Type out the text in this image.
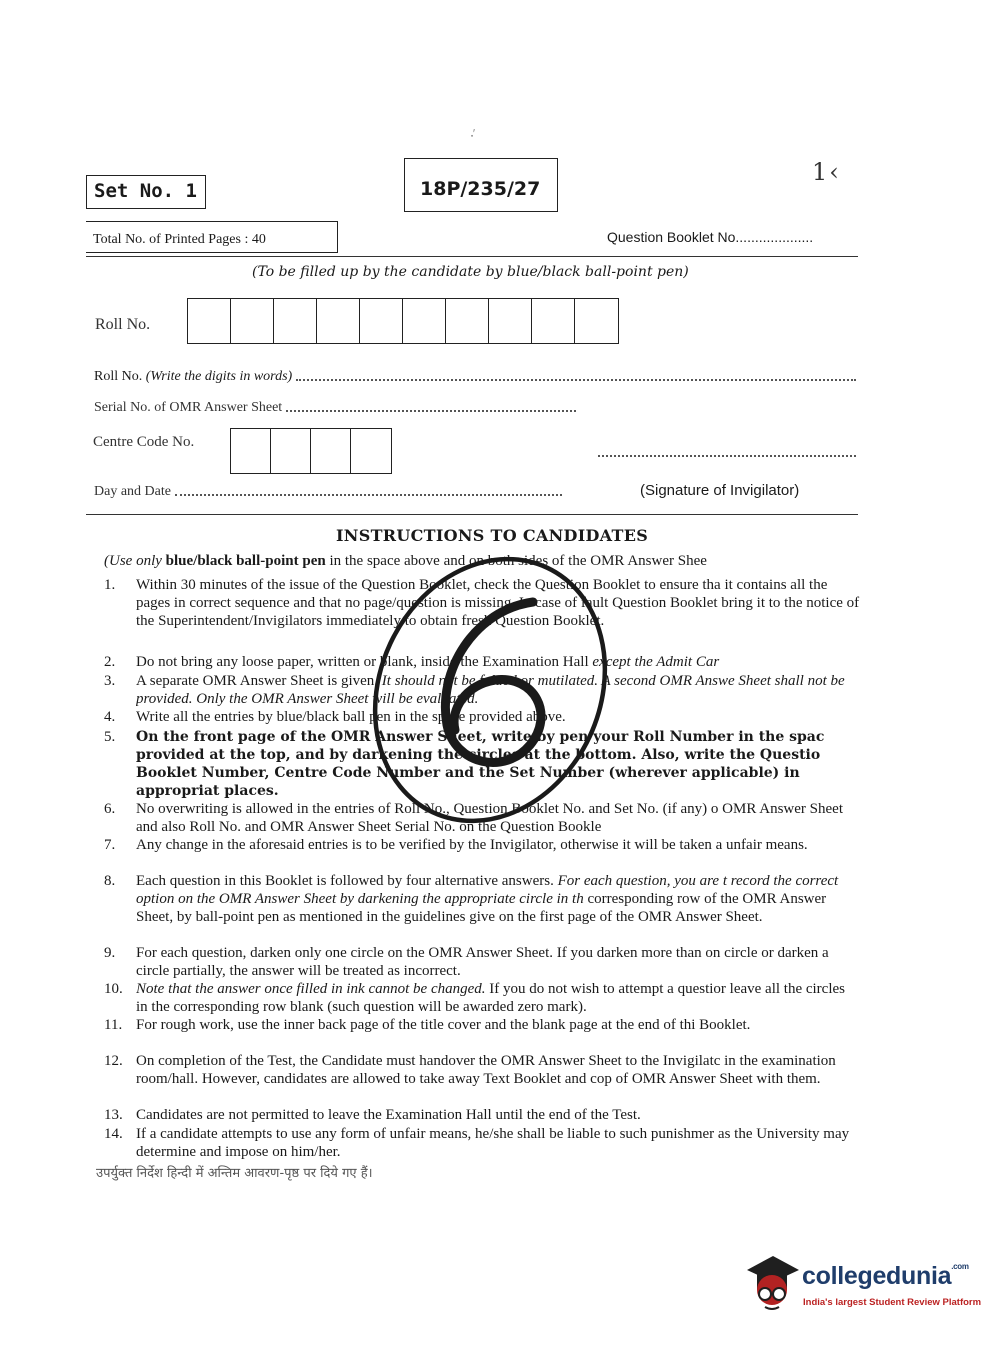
·′
1‹
Set No. 1	18P/235/27
Total No. of Printed Pages : 40	Question Booklet No....................
(To be filled up by the candidate by blue/black ball-point pen)
Roll No.
Roll No. (Write the digits in words)
Serial No. of OMR Answer Sheet
Centre Code No.
Day and Date	(Signature of Invigilator)
INSTRUCTIONS TO CANDIDATES
(Use only blue/black ball-point pen in the space above and on both sides of the OMR Answer Shee
1.	Within 30 minutes of the issue of the Question Booklet, check the Question Booklet to ensure tha it contains all the pages in correct sequence and that no page/question is missing. In case of fault Question Booklet bring it to the notice of the Superintendent/Invigilators immediately to obtain fresh Question Booklet.
2.	Do not bring any loose paper, written or blank, inside the Examination Hall except the Admit Car
3.	A separate OMR Answer Sheet is given. It should not be folded or mutilated. A second OMR Answe Sheet shall not be provided. Only the OMR Answer Sheet will be evaluated.
4.	Write all the entries by blue/black ball pen in the space provided above.
5.	On the front page of the OMR Answer Sheet, write by pen your Roll Number in the spac provided at the top, and by darkening the circles at the bottom. Also, write the Questio Booklet Number, Centre Code Number and the Set Number (wherever applicable) in appropriat places.
6.	No overwriting is allowed in the entries of Roll No., Question Booklet No. and Set No. (if any) o OMR Answer Sheet and also Roll No. and OMR Answer Sheet Serial No. on the Question Bookle
7.	Any change in the aforesaid entries is to be verified by the Invigilator, otherwise it will be taken a unfair means.
8.	Each question in this Booklet is followed by four alternative answers. For each question, you are t record the correct option on the OMR Answer Sheet by darkening the appropriate circle in th corresponding row of the OMR Answer Sheet, by ball-point pen as mentioned in the guidelines give on the first page of the OMR Answer Sheet.
9.	For each question, darken only one circle on the OMR Answer Sheet. If you darken more than on circle or darken a circle partially, the answer will be treated as incorrect.
10. Note that the answer once filled in ink cannot be changed. If you do not wish to attempt a questior leave all the circles in the corresponding row blank (such question will be awarded zero mark).
11. For rough work, use the inner back page of the title cover and the blank page at the end of thi Booklet.
12. On completion of the Test, the Candidate must handover the OMR Answer Sheet to the Invigilatc in the examination room/hall. However, candidates are allowed to take away Text Booklet and cop of OMR Answer Sheet with them.
13. Candidates are not permitted to leave the Examination Hall until the end of the Test.
14. If a candidate attempts to use any form of unfair means, he/she shall be liable to such punishmer as the University may determine and impose on him/her.
उपर्युक्त निर्देश हिन्दी में अन्तिम आवरण-पृष्ठ पर दिये गए हैं।
collegedunia$^{.com}$
India's largest Student Review Platform
